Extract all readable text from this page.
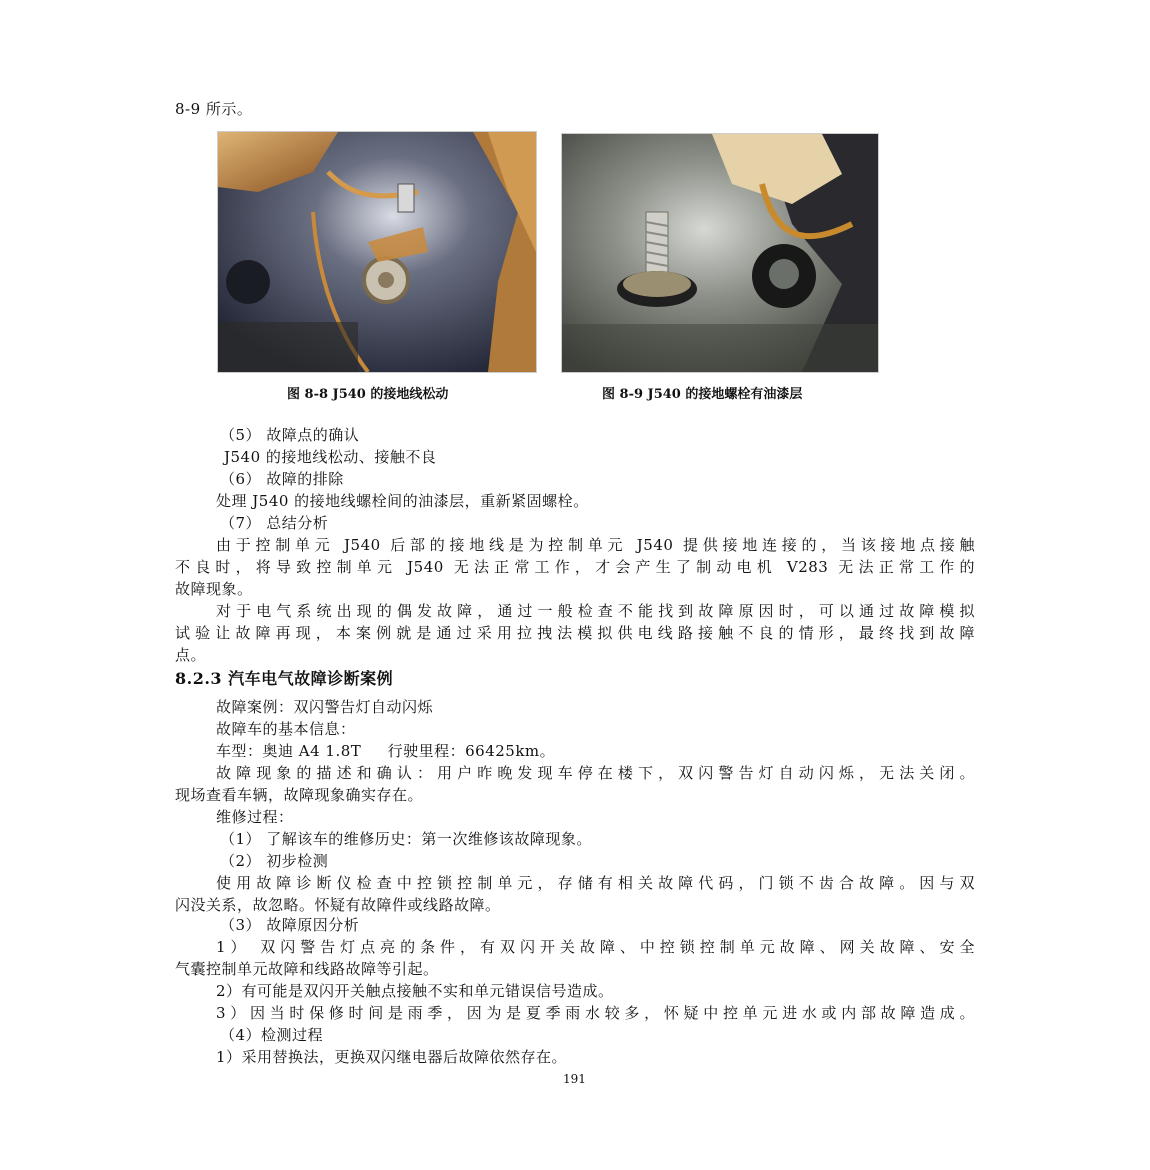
8-9 所示。
图 8-8 J540 的接地线松动	图 8-9 J540 的接地螺栓有油漆层
（5） 故障点的确认
J540 的接地线松动、接触不良
（6） 故障的排除
处理 J540 的接地线螺栓间的油漆层，重新紧固螺栓。
（7） 总结分析
由于控制单元 J540 后部的接地线是为控制单元 J540 提供接地连接的，当该接地点接触
不良时，将导致控制单元 J540 无法正常工作，才会产生了制动电机 V283 无法正常工作的
故障现象。
对于电气系统出现的偶发故障，通过一般检查不能找到故障原因时，可以通过故障模拟
试验让故障再现，本案例就是通过采用拉拽法模拟供电线路接触不良的情形，最终找到故障
点。
8.2.3 汽车电气故障诊断案例
故障案例：双闪警告灯自动闪烁
故障车的基本信息：
车型：奥迪 A4 1.8T     行驶里程：66425km。
故障现象的描述和确认：用户昨晚发现车停在楼下，双闪警告灯自动闪烁，无法关闭。
现场查看车辆，故障现象确实存在。
维修过程：
（1） 了解该车的维修历史：第一次维修该故障现象。
（2） 初步检测
使用故障诊断仪检查中控锁控制单元，存储有相关故障代码，门锁不齿合故障。因与双
闪没关系，故忽略。怀疑有故障件或线路故障。
（3） 故障原因分析
1） 双闪警告灯点亮的条件，有双闪开关故障、中控锁控制单元故障、网关故障、安全
气囊控制单元故障和线路故障等引起。
2）有可能是双闪开关触点接触不实和单元错误信号造成。
3）因当时保修时间是雨季，因为是夏季雨水较多，怀疑中控单元进水或内部故障造成。
（4）检测过程
1）采用替换法，更换双闪继电器后故障依然存在。
191
